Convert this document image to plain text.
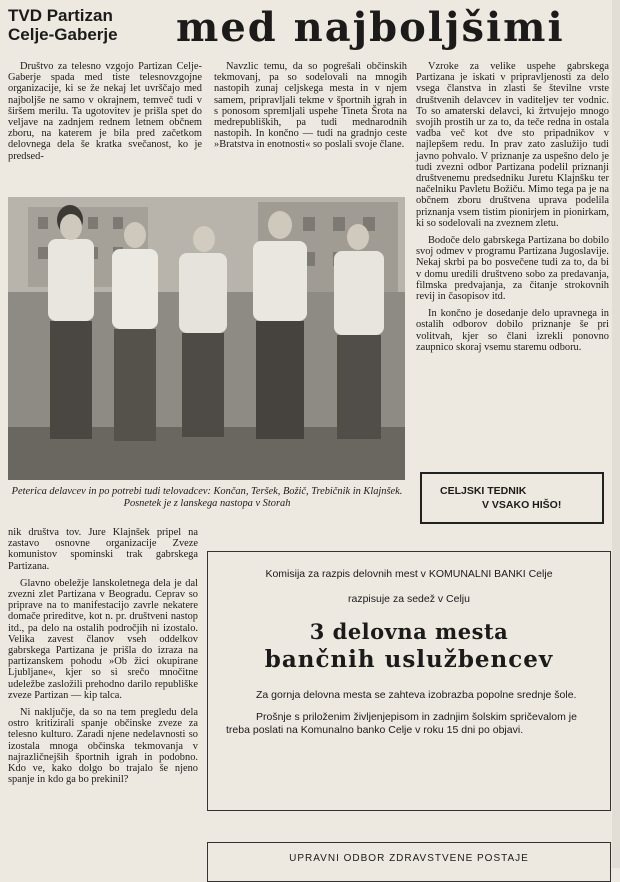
TVD Partizan
Celje-Gaberje	med najboljšimi

Društvo za telesno vzgojo Partizan Celje-Gaberje spada med tiste telesnovzgojne organizacije, ki se že nekaj let uvrščajo med najboljše ne samo v okrajnem, temveč tudi v širšem merilu. Ta ugotovitev je prišla spet do veljave na zadnjem rednem letnem občnem zboru, na katerem je bila pred začetkom delovnega dela še kratka svečanost, ko je predsed-

Navzlic temu, da so pogrešali občinskih tekmovanj, pa so sodelovali na mnogih nastopih zunaj celjskega mesta in v njem samem, pripravljali tekme v športnih igrah in s ponosom spremljali uspehe Tineta Šrota na medrepubliških, pa tudi mednarodnih nastopih. In končno — tudi na gradnjo ceste »Bratstva in enotnosti« so poslali svoje člane.

Vzroke za velike uspehe gabrskega Partizana je iskati v pripravljenosti za delo vsega članstva in zlasti še številne vrste društvenih delavcev in vaditeljev ter vodnic. To so amaterski delavci, ki žrtvujejo mnogo svojih prostih ur za to, da teče redna in ostala vadba več kot dve sto pripadnikov v najlepšem redu. In prav zato zaslužijo tudi javno pohvalo. V priznanje za uspešno delo je tudi zvezni odbor Partizana podelil priznanji društvenemu predsedniku Juretu Klajnšku ter načelniku Pavletu Božiču. Mimo tega pa je na občnem zboru društvena uprava podelila priznanja vsem tistim pionirjem in pionirkam, ki so sodelovali na zveznem zletu.

Bodoče delo gabrskega Partizana bo dobilo svoj odmev v programu Partizana Jugoslavije. Nekaj skrbi pa bo posvečene tudi za to, da bi v domu uredili društveno sobo za predavanja, filmska predvajanja, za čitanje strokovnih revij in časopisov itd.

In končno je dosedanje delo upravnega in ostalih odborov dobilo priznanje še pri volitvah, kjer so člani izrekli ponovno zaupnico skoraj vsemu staremu odboru.

Peterica delavcev in po potrebi tudi telovadcev: Končan, Teršek, Božič, Trebičnik in Klajnšek. Posnetek je z lanskega nastopa v Storah
CELJSKI TEDNIK
V VSAKO HIŠO!

nik društva tov. Jure Klajnšek pripel na zastavo osnovne organizacije Zveze komunistov spominski trak gabrskega Partizana.

Glavno obeležje lanskoletnega dela je dal zvezni zlet Partizana v Beogradu. Ceprav so priprave na to manifestacijo zavrle nekatere domače prireditve, kot n. pr. društveni nastop itd., pa delo na ostalih področjih ni izostalo. Velika zavest članov vseh oddelkov gabrskega Partizana je prišla do izraza na partizanskem pohodu »Ob žici okupirane Ljubljane«, kjer so si srečo mnočitne udeležbe zasložili prehodno darilo republiške zveze Partizan — kip talca.

Ni naključje, da so na tem pregledu dela ostro kritizirali spanje občinske zveze za telesno kulturo. Zaradi njene nedelavnosti so izostala mnoga občinska tekmovanja v najrazličnejših športnih igrah in podobno. Kdo ve, kako dolgo bo trajalo še njeno spanje in kdo ga bo prekinil?

Komisija za razpis delovnih mest v KOMUNALNI BANKI Celje
razpisuje za sedež v Celju
3 delovna mesta
bančnih uslužbencev
Za gornja delovna mesta se zahteva izobrazba popolne srednje šole.
Prošnje s priloženim življenjepisom in zadnjim šolskim spričevalom je treba poslati na Komunalno banko Celje v roku 15 dni po objavi.
UPRAVNI ODBOR ZDRAVSTVENE POSTAJE
